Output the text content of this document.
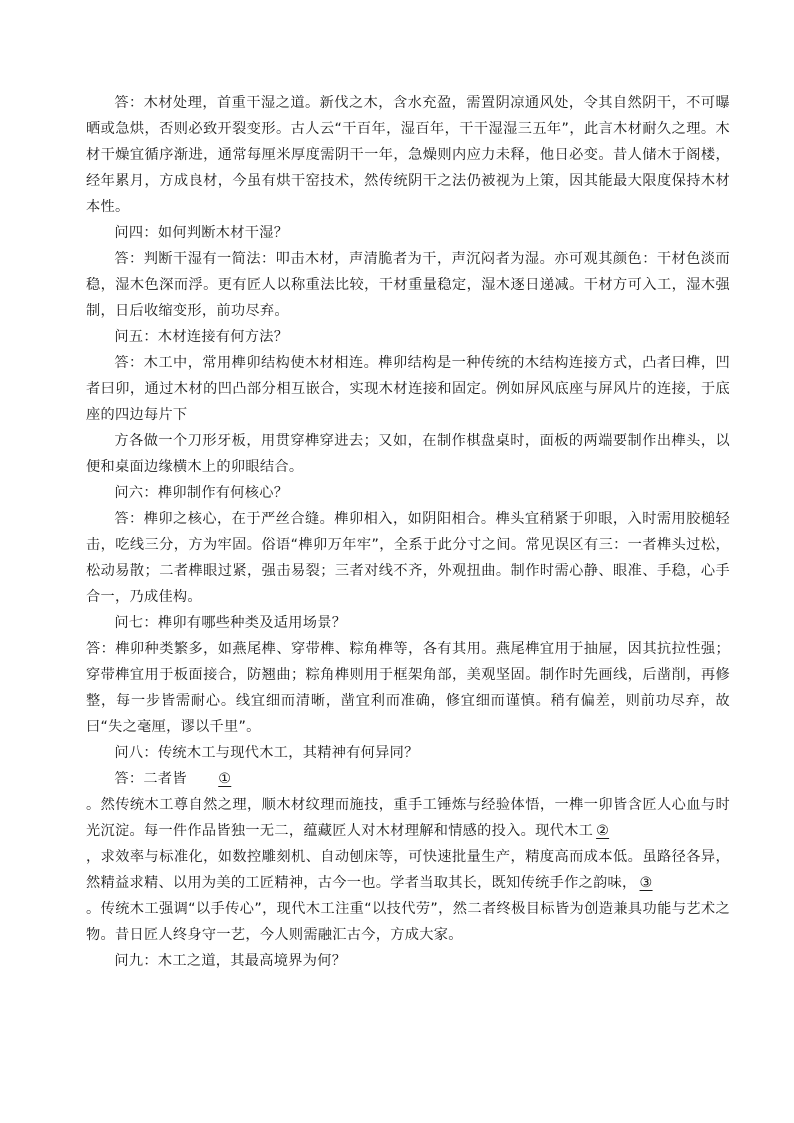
答：木材处理，首重干湿之道。新伐之木，含水充盈，需置阴凉通风处，令其自然阴干，不可曝晒或急烘，否则必致开裂变形。古人云“干百年，湿百年，干干湿湿三五年”，此言木材耐久之理。木材干燥宜循序渐进，通常每厘米厚度需阴干一年，急燥则内应力未释，他日必变。昔人储木于阁楼，经年累月，方成良材，今虽有烘干窑技术，然传统阴干之法仍被视为上策，因其能最大限度保持木材本性。

问四：如何判断木材干湿？

答：判断干湿有一简法：叩击木材，声清脆者为干，声沉闷者为湿。亦可观其颜色：干材色淡而稳，湿木色深而浮。更有匠人以称重法比较，干材重量稳定，湿木逐日递减。干材方可入工，湿木强制，日后收缩变形，前功尽弃。

问五：木材连接有何方法？

答：木工中，常用榫卯结构使木材相连。榫卯结构是一种传统的木结构连接方式，凸者曰榫，凹者曰卯，通过木材的凹凸部分相互嵌合，实现木材连接和固定。例如屏风底座与屏风片的连接，于底座的四边每片下

方各做一个刀形牙板，用贯穿榫穿进去；又如，在制作棋盘桌时，面板的两端要制作出榫头，以便和桌面边缘横木上的卯眼结合。

问六：榫卯制作有何核心？

答：榫卯之核心，在于严丝合缝。榫卯相入，如阴阳相合。榫头宜稍紧于卯眼，入时需用胶槌轻击，吃线三分，方为牢固。俗语“榫卯万年牢”，全系于此分寸之间。常见误区有三：一者榫头过松，松动易散；二者榫眼过紧，强击易裂；三者对线不齐，外观扭曲。制作时需心静、眼准、手稳，心手合一，乃成佳构。

问七：榫卯有哪些种类及适用场景？

答：榫卯种类繁多，如燕尾榫、穿带榫、粽角榫等，各有其用。燕尾榫宜用于抽屉，因其抗拉性强；穿带榫宜用于板面接合，防翘曲；粽角榫则用于框架角部，美观坚固。制作时先画线，后凿削，再修整，每一步皆需耐心。线宜细而清晰，凿宜利而准确，修宜细而谨慎。稍有偏差，则前功尽弃，故曰“失之毫厘，谬以千里”。

问八：传统木工与现代木工，其精神有何异同？

答：二者皆 ①

。然传统木工尊自然之理，顺木材纹理而施技，重手工锤炼与经验体悟，一榫一卯皆含匠人心血与时光沉淀。每一件作品皆独一无二，蕴藏匠人对木材理解和情感的投入。现代木工 ②

，求效率与标准化，如数控雕刻机、自动刨床等，可快速批量生产，精度高而成本低。虽路径各异，然精益求精、以用为美的工匠精神，古今一也。学者当取其长，既知传统手作之韵味， ③

。传统木工强调“以手传心”，现代木工注重“以技代劳”，然二者终极目标皆为创造兼具功能与艺术之物。昔日匠人终身守一艺，今人则需融汇古今，方成大家。

问九：木工之道，其最高境界为何？
